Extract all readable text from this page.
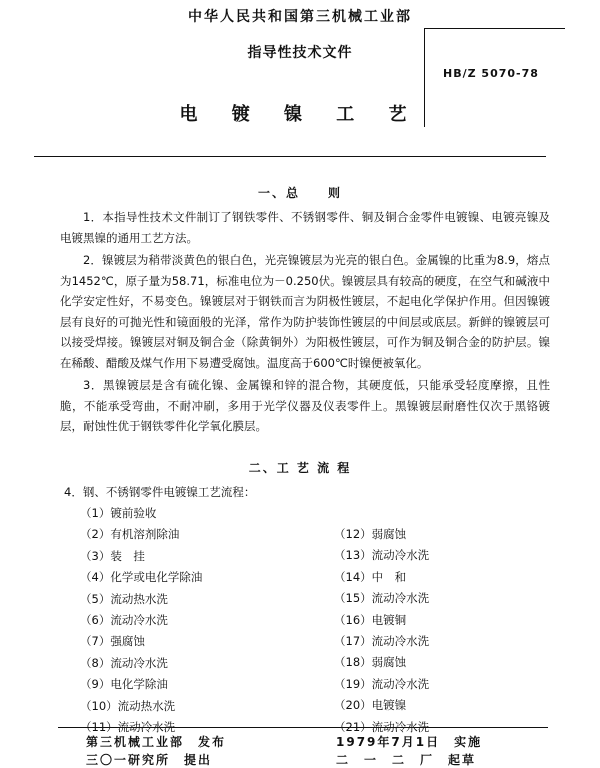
中华人民共和国第三机械工业部
指导性技术文件
电 镀 镍 工 艺
HB/Z 5070-78
一、总　　则
1．本指导性技术文件制订了钢铁零件、不锈钢零件、铜及铜合金零件电镀镍、电镀亮镍及电镀黑镍的通用工艺方法。
2．镍镀层为稍带淡黄色的银白色，光亮镍镀层为光亮的银白色。金属镍的比重为8.9，熔点为1452℃，原子量为58.71，标准电位为－0.250伏。镍镀层具有较高的硬度，在空气和碱液中化学安定性好，不易变色。镍镀层对于钢铁而言为阴极性镀层，不起电化学保护作用。但因镍镀层有良好的可抛光性和镜面般的光泽，常作为防护装饰性镀层的中间层或底层。新鲜的镍镀层可以接受焊接。镍镀层对铜及铜合金（除黄铜外）为阳极性镀层，可作为铜及铜合金的防护层。镍在稀酸、醋酸及煤气作用下易遭受腐蚀。温度高于600℃时镍便被氧化。
3．黑镍镀层是含有硫化镍、金属镍和锌的混合物，其硬度低，只能承受轻度摩擦，且性脆，不能承受弯曲，不耐冲刷，多用于光学仪器及仪表零件上。黑镍镀层耐磨性仅次于黑铬镀层，耐蚀性优于钢铁零件化学氧化膜层。
二、工 艺 流 程
4．钢、不锈钢零件电镀镍工艺流程：
（1）镀前验收
（2）有机溶剂除油
（3）装　挂
（4）化学或电化学除油
（5）流动热水洗
（6）流动冷水洗
（7）强腐蚀
（8）流动冷水洗
（9）电化学除油
（10）流动热水洗
（11）流动冷水洗
（12）弱腐蚀
（13）流动冷水洗
（14）中　和
（15）流动冷水洗
（16）电镀铜
（17）流动冷水洗
（18）弱腐蚀
（19）流动冷水洗
（20）电镀镍
（21）流动冷水洗
第三机械工业部　发布	1979年7月1日　实施
三〇一研究所　提出	二　一　二　厂　起草
